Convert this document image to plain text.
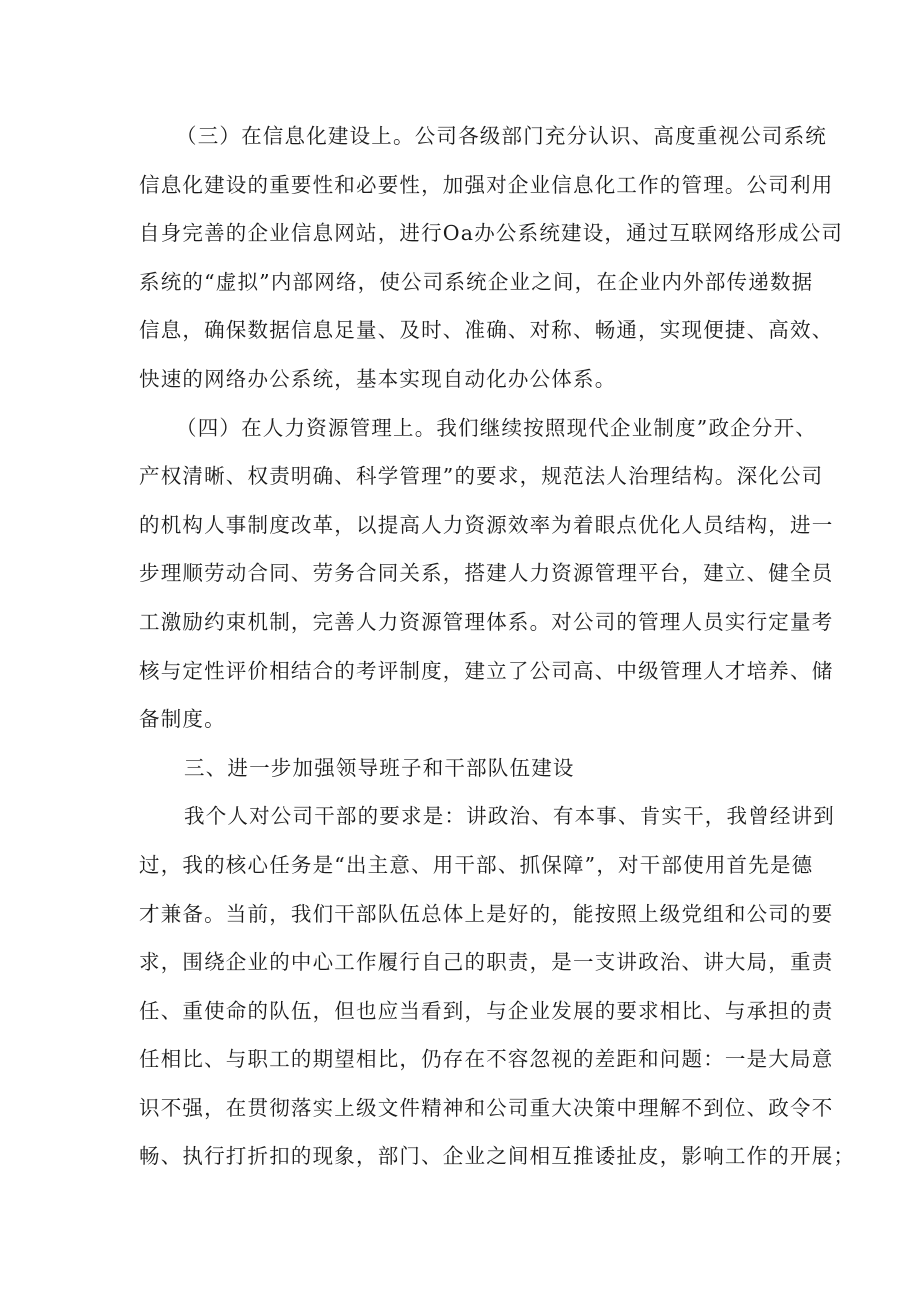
（三）在信息化建设上。公司各级部门充分认识、高度重视公司系统
信息化建设的重要性和必要性，加强对企业信息化工作的管理。公司利用
自身完善的企业信息网站，进行Oa办公系统建设，通过互联网络形成公司
系统的“虚拟”内部网络，使公司系统企业之间，在企业内外部传递数据
信息，确保数据信息足量、及时、准确、对称、畅通，实现便捷、高效、
快速的网络办公系统，基本实现自动化办公体系。
（四）在人力资源管理上。我们继续按照现代企业制度”政企分开、
产权清晰、权责明确、科学管理”的要求，规范法人治理结构。深化公司
的机构人事制度改革，以提高人力资源效率为着眼点优化人员结构，进一
步理顺劳动合同、劳务合同关系，搭建人力资源管理平台，建立、健全员
工激励约束机制，完善人力资源管理体系。对公司的管理人员实行定量考
核与定性评价相结合的考评制度，建立了公司高、中级管理人才培养、储
备制度。
三、进一步加强领导班子和干部队伍建设
我个人对公司干部的要求是：讲政治、有本事、肯实干，我曾经讲到
过，我的核心任务是“出主意、用干部、抓保障”，对干部使用首先是德
才兼备。当前，我们干部队伍总体上是好的，能按照上级党组和公司的要
求，围绕企业的中心工作履行自己的职责，是一支讲政治、讲大局，重责
任、重使命的队伍，但也应当看到，与企业发展的要求相比、与承担的责
任相比、与职工的期望相比，仍存在不容忽视的差距和问题：一是大局意
识不强，在贯彻落实上级文件精神和公司重大决策中理解不到位、政令不
畅、执行打折扣的现象，部门、企业之间相互推诿扯皮，影响工作的开展；
